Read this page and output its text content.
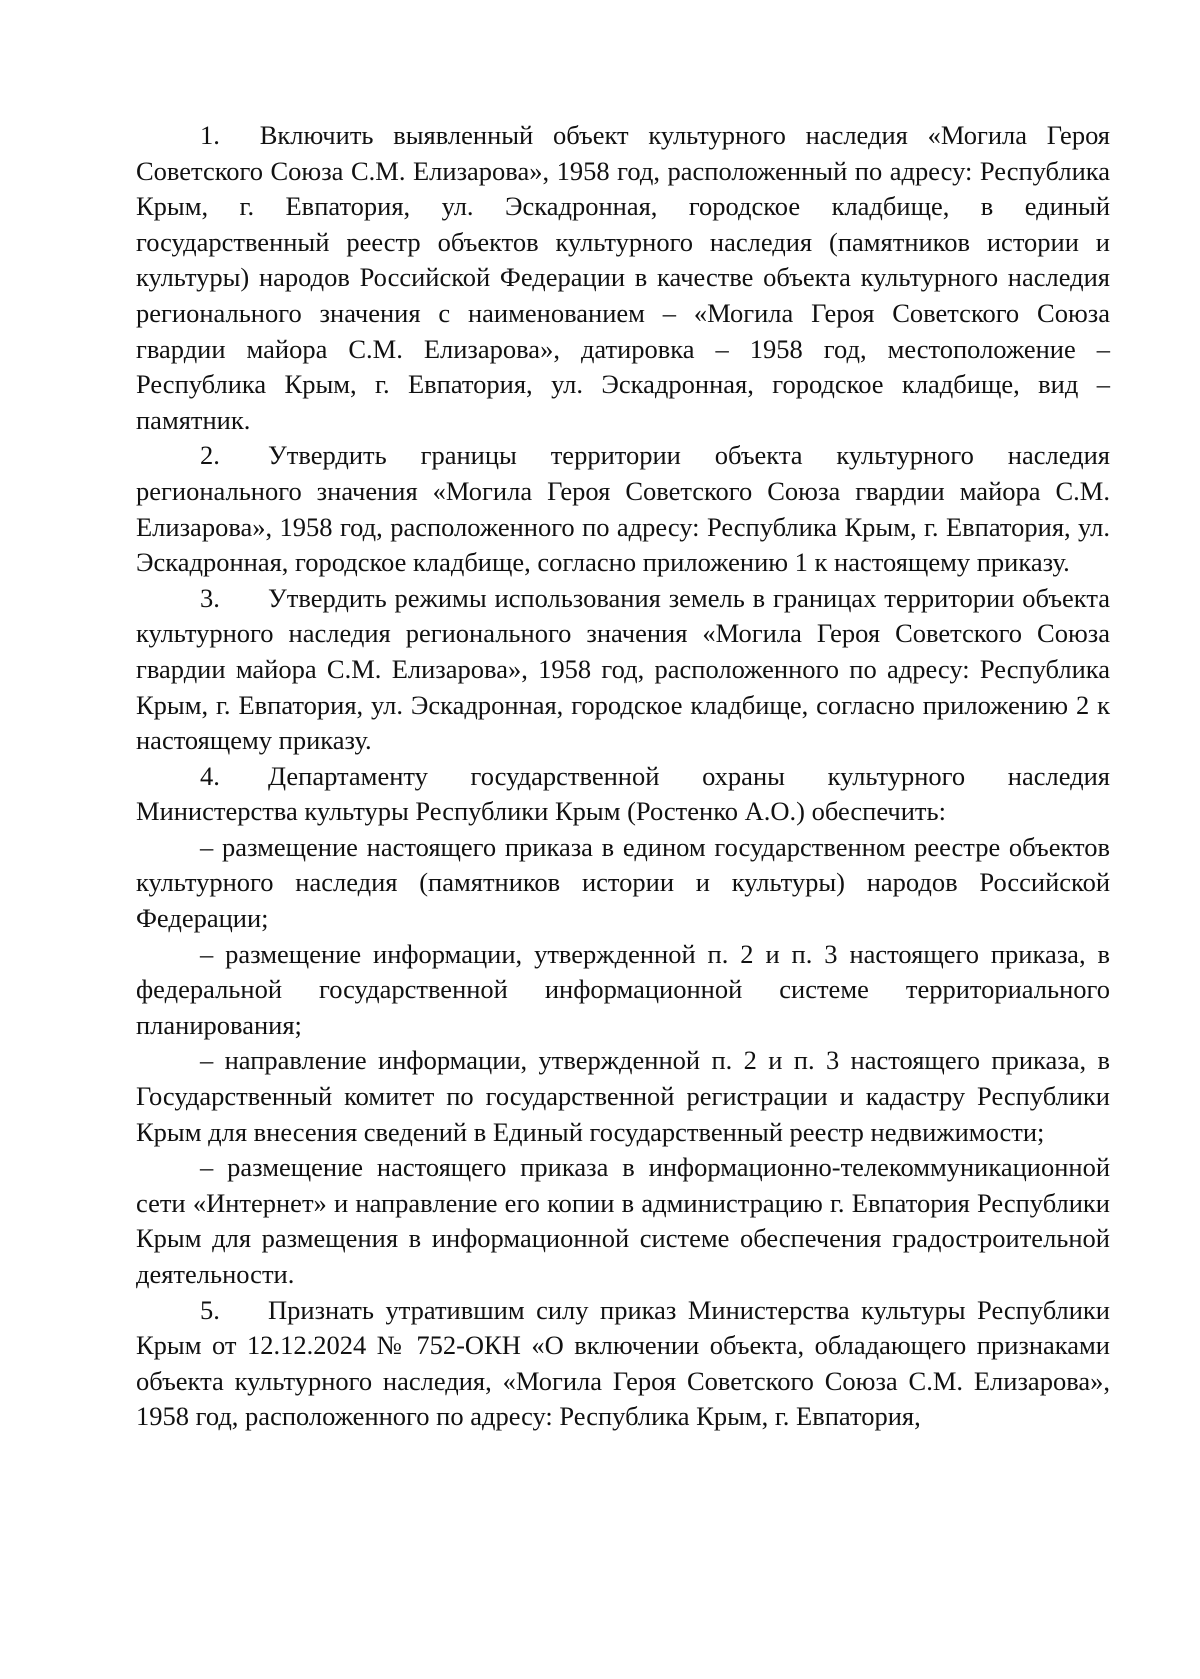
1. Включить выявленный объект культурного наследия «Могила Героя Советского Союза С.М. Елизарова», 1958 год, расположенный по адресу: Республика Крым, г. Евпатория, ул. Эскадронная, городское кладбище, в единый государственный реестр объектов культурного наследия (памятников истории и культуры) народов Российской Федерации в качестве объекта культурного наследия регионального значения с наименованием – «Могила Героя Советского Союза гвардии майора С.М. Елизарова», датировка – 1958 год, местоположение – Республика Крым, г. Евпатория, ул. Эскадронная, городское кладбище, вид – памятник.

2. Утвердить границы территории объекта культурного наследия регионального значения «Могила Героя Советского Союза гвардии майора С.М. Елизарова», 1958 год, расположенного по адресу: Республика Крым, г. Евпатория, ул. Эскадронная, городское кладбище, согласно приложению 1 к настоящему приказу.

3. Утвердить режимы использования земель в границах территории объекта культурного наследия регионального значения «Могила Героя Советского Союза гвардии майора С.М. Елизарова», 1958 год, расположенного по адресу: Республика Крым, г. Евпатория, ул. Эскадронная, городское кладбище, согласно приложению 2 к настоящему приказу.

4. Департаменту государственной охраны культурного наследия Министерства культуры Республики Крым (Ростенко А.О.) обеспечить:

– размещение настоящего приказа в едином государственном реестре объектов культурного наследия (памятников истории и культуры) народов Российской Федерации;

– размещение информации, утвержденной п. 2 и п. 3 настоящего приказа, в федеральной государственной информационной системе территориального планирования;

– направление информации, утвержденной п. 2 и п. 3 настоящего приказа, в Государственный комитет по государственной регистрации и кадастру Республики Крым для внесения сведений в Единый государственный реестр недвижимости;

– размещение настоящего приказа в информационно-телекоммуникационной сети «Интернет» и направление его копии в администрацию г. Евпатория Республики Крым для размещения в информационной системе обеспечения градостроительной деятельности.

5. Признать утратившим силу приказ Министерства культуры Республики Крым от 12.12.2024 № 752-ОКН «О включении объекта, обладающего признаками объекта культурного наследия, «Могила Героя Советского Союза С.М. Елизарова», 1958 год, расположенного по адресу: Республика Крым, г. Евпатория,
